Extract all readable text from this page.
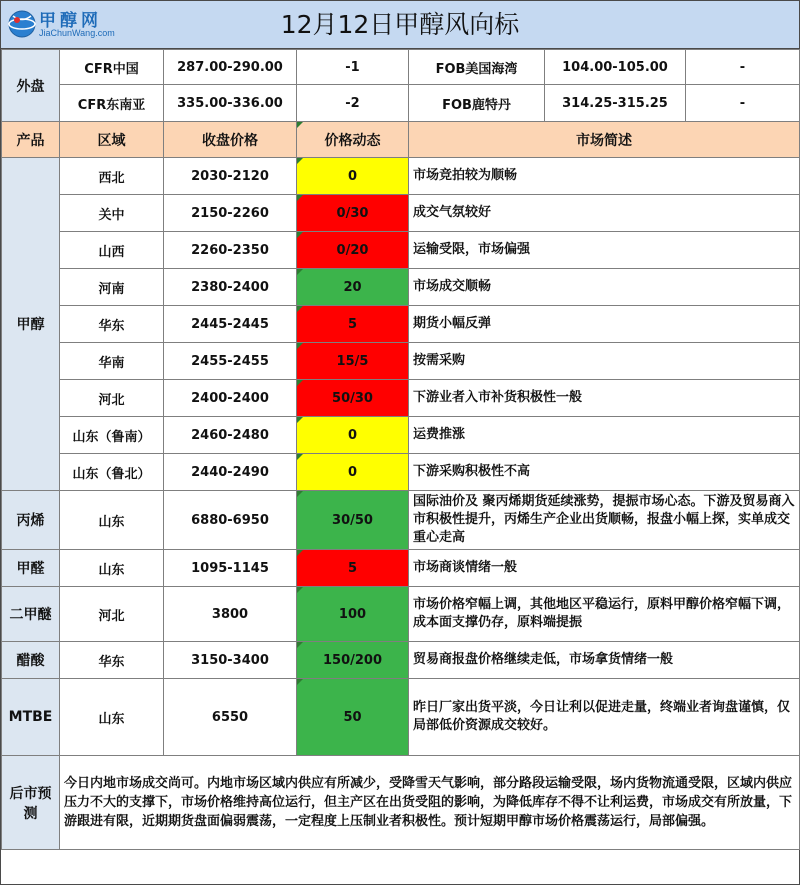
甲醇网
JiaChunWang.com	12月12日甲醇风向标
外盘	CFR中国	287.00-290.00	-1	FOB美国海湾	104.00-105.00	-
	CFR东南亚	335.00-336.00	-2	FOB鹿特丹	314.25-315.25	-
产品	区域	收盘价格	价格动态	市场简述		
甲醇	西北	2030-2120	0	市场竞拍较为顺畅		
	关中	2150-2260	0/30	成交气氛较好		
	山西	2260-2350	0/20	运输受限，市场偏强		
	河南	2380-2400	20	市场成交顺畅		
	华东	2445-2445	5	期货小幅反弹		
	华南	2455-2455	15/5	按需采购		
	河北	2400-2400	50/30	下游业者入市补货积极性一般		
	山东（鲁南）	2460-2480	0	运费推涨		
	山东（鲁北）	2440-2490	0	下游采购积极性不高		
丙烯	山东	6880-6950	30/50	国际油价及 聚丙烯期货延续涨势，提振市场心态。下游及贸易商入市积极性提升，丙烯生产企业出货顺畅，报盘小幅上探，实单成交重心走高		
甲醛	山东	1095-1145	5	市场商谈情绪一般		
二甲醚	河北	3800	100	市场价格窄幅上调，其他地区平稳运行，原料甲醇价格窄幅下调，成本面支撑仍存，原料端提振		
醋酸	华东	3150-3400	150/200	贸易商报盘价格继续走低，市场拿货情绪一般		
MTBE	山东	6550	50	昨日厂家出货平淡，今日让利以促进走量，终端业者询盘谨慎，仅局部低价资源成交较好。		
后市预测	今日内地市场成交尚可。内地市场区域内供应有所减少，受降雪天气影响，部分路段运输受限，场内货物流通受限，区域内供应压力不大的支撑下，市场价格维持高位运行，但主产区在出货受阻的影响，为降低库存不得不让利运费，市场成交有所放量，下游跟进有限，近期期货盘面偏弱震荡，一定程度上压制业者积极性。预计短期甲醇市场价格震荡运行，局部偏强。					
